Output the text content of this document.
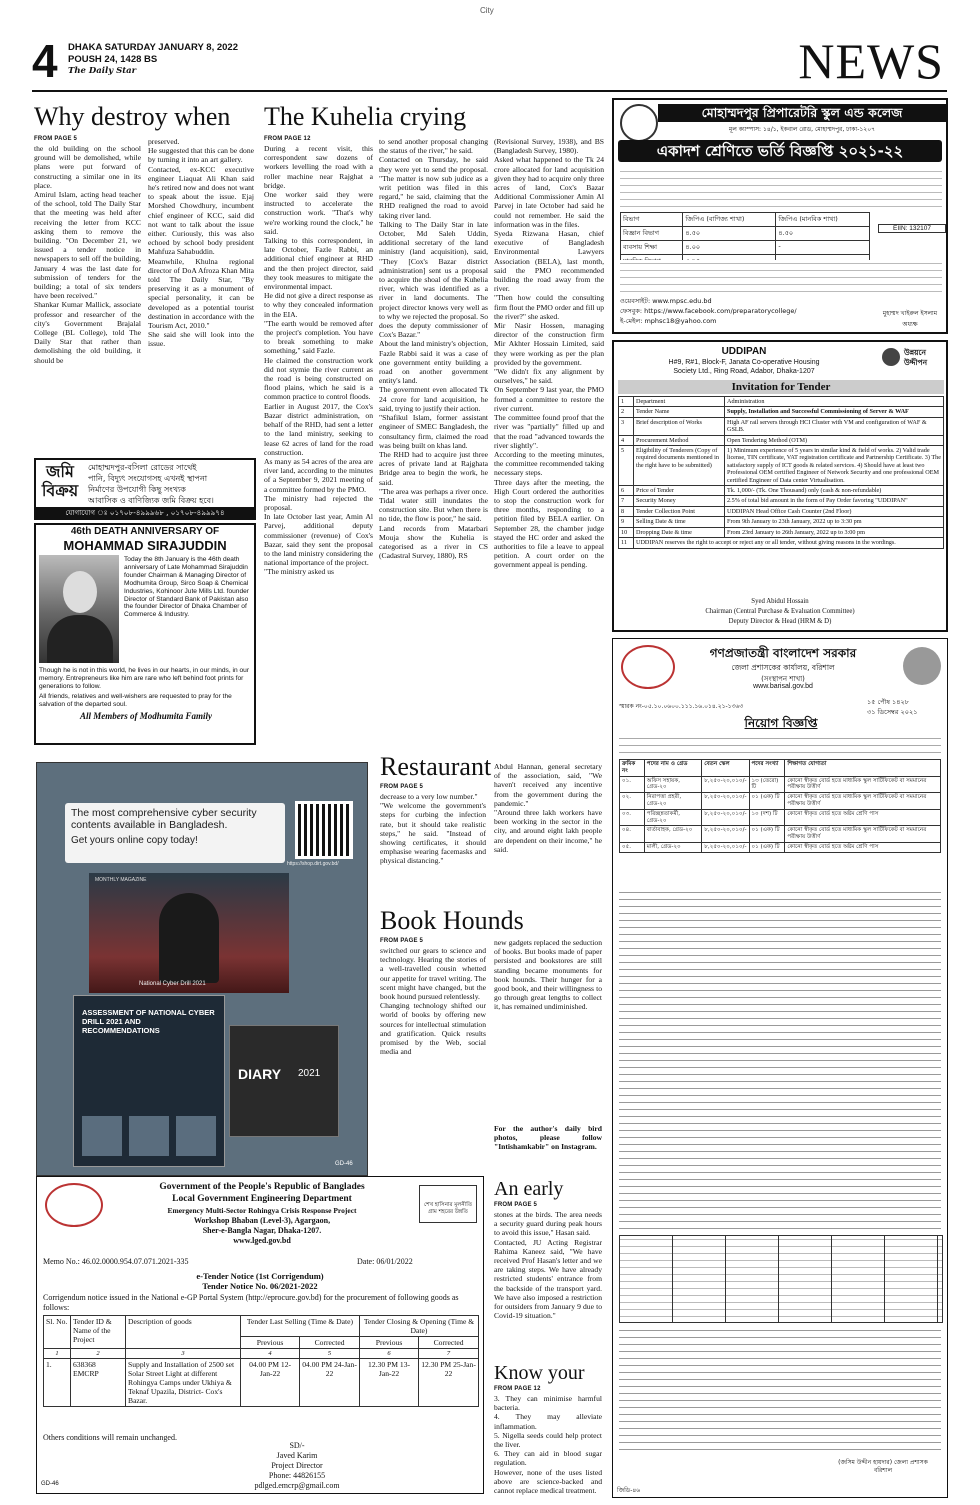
City
4 DHAKA SATURDAY JANUARY 8, 2022
POUSH 24, 1428 BS
The Daily Star	NEWS
Why destroy when
FROM PAGE 5

the old building on the school ground will be demolished, while plans were put forward of constructing a similar one in its place.
Amirul Islam, acting head teacher of the school, told The Daily Star that the meeting was held after receiving the letter from KCC asking them to remove the building. "On December 21, we issued a tender notice in newspapers to sell off the building, January 4 was the last date for submission of tenders for the building; a total of six tenders have been received."
Shankar Kumar Mallick, associate professor and researcher of the city's Government Brajalal College (BL College), told The Daily Star that rather than demolishing the old building, it should be

preserved.
He suggested that this can be done by turning it into an art gallery.
Contacted, ex-KCC executive engineer Liaquat Ali Khan said he's retired now and does not want to speak about the issue. Ejaj Morshed Chowdhury, incumbent chief engineer of KCC, said did not want to talk about the issue either. Curiously, this was also echoed by school body president Mahfuza Sahabuddin.
Meanwhile, Khulna regional director of DoA Afroza Khan Mita told The Daily Star, "By preserving it as a monument of special personality, it can be developed as a potential tourist destination in accordance with the Tourism Act, 2010."
She said she will look into the issue.

The Kuhelia crying
FROM PAGE 12

During a recent visit, this correspondent saw dozens of workers levelling the road with a roller machine near Rajghat a bridge.
One worker said they were instructed to accelerate the construction work. "That's why we're working round the clock," he said.
Talking to this correspondent, in late October, Fazle Rabbi, an additional chief engineer at RHD and the then project director, said they took measures to mitigate the environmental impact.
He did not give a direct response as to why they concealed information in the EIA.
"The earth would be removed after the project's completion. You have to break something to make something," said Fazle.
He claimed the construction work did not stymie the river current as the road is being constructed on flood plains, which he said is a common practice to control floods.
Earlier in August 2017, the Cox's Bazar district administration, on behalf of the RHD, had sent a letter to the land ministry, seeking to lease 62 acres of land for the road construction.
As many as 54 acres of the area are river land, according to the minutes of a September 9, 2021 meeting of a committee formed by the PMO.
The ministry had rejected the proposal.
In late October last year, Amin Al Parvej, additional deputy commissioner (revenue) of Cox's Bazar, said they sent the proposal to the land ministry considering the national importance of the project.
"The ministry asked us

to send another proposal changing the status of the river," he said.
Contacted on Thursday, he said they were yet to send the proposal. "The matter is now sub judice as a writ petition was filed in this regard," he said, claiming that the RHD realigned the road to avoid taking river land.
Talking to The Daily Star in late October, Md Saleh Uddin, additional secretary of the land ministry (land acquisition), said, "They [Cox's Bazar district administration] sent us a proposal to acquire the shoal of the Kuhelia river, which was identified as a river in land documents. The project director knows very well as to why we rejected the proposal. So does the deputy commissioner of Cox's Bazar."
About the land ministry's objection, Fazle Rabbi said it was a case of one government entity building a road on another government entity's land.
The government even allocated Tk 24 crore for land acquisition, he said, trying to justify their action.
"Shafikul Islam, former assistant engineer of SMEC Bangladesh, the consultancy firm, claimed the road was being built on khas land.
The RHD had to acquire just three acres of private land at Rajghata Bridge area to begin the work, he said.
"The area was perhaps a river once. Tidal water still inundates the construction site. But when there is no tide, the flow is poor," he said.
Land records from Matarbari Mouja show the Kuhelia is categorised as a river in CS (Cadastral Survey, 1880), RS

(Revisional Survey, 1938), and BS (Bangladesh Survey, 1980).
Asked what happened to the Tk 24 crore allocated for land acquisition given they had to acquire only three acres of land, Cox's Bazar Additional Commissioner Amin Al Parvej in late October had said he could not remember. He said the information was in the files.
Syeda Rizwana Hasan, chief executive of Bangladesh Environmental Lawyers Association (BELA), last month, said the PMO recommended building the road away from the river.
"Then how could the consulting firm flout the PMO order and fill up the river?" she asked.
Mir Nasir Hossen, managing director of the construction firm Mir Akhter Hossain Limited, said they were working as per the plan provided by the government.
"We didn't fix any alignment by ourselves," he said.
On September 9 last year, the PMO formed a committee to restore the river current.
The committee found proof that the river was "partially" filled up and that the road "advanced towards the river slightly".
According to the meeting minutes, the committee recommended taking necessary steps.
Three days after the meeting, the High Court ordered the authorities to stop the construction work for three months, responding to a petition filed by BELA earlier. On September 28, the chamber judge stayed the HC order and asked the authorities to file a leave to appeal petition. A court order on the government appeal is pending.

জমি বিক্রয়
মোহাম্মদপুর-বসিলা রোডের সাথেই
পানি, বিদ্যুৎ সংযোগসহ এখনই স্থাপনা
নির্মাণের উপযোগী কিছু সংখ্যক
আবাসিক ও বাণিজ্যিক জমি বিক্রয় হবে।
যোগাযোগ ঃ ০১৭০৮-৪৯৯৯৬৮ , ০১৭০৮-৪৯৯৯৭৪
46th DEATH ANNIVERSARY OF
MOHAMMAD SIRAJUDDIN
Today the 8th January is the 46th death anniversary of Late Mohammad Sirajuddin founder Chairman & Managing Director of Modhumita Group, Sirco Soap & Chemical Industries, Kohinoor Jute Mills Ltd. founder Director of Standard Bank of Pakistan also the founder Director of Dhaka Chamber of Commerce & Industry.
Though he is not in this world, he lives in our hearts, in our minds, in our memory. Entrepreneurs like him are rare who left behind foot prints for generations to follow.
All friends, relatives and well-wishers are requested to pray for the salvation of the departed soul.
All Members of Modhumita Family
The most comprehensive cyber security contents available in Bangladesh.
Get yours online copy today!
https://shop.dirt.gov.bd/
MONTHLY MAGAZINE
National Cyber Drill 2021
ASSESSMENT OF NATIONAL CYBER DRILL 2021 AND RECOMMENDATIONS
DIARY 2021
GD-46
Government of the People's Republic of Banglades
Local Government Engineering Department
Emergency Multi-Sector Rohingya Crisis Response Project
Workshop Bhaban (Level-3), Agargaon,
Sher-e-Bangla Nagar, Dhaka-1207.
www.lged.gov.bd
শেখ হাসিনার মূলনীতি গ্রাম শহরের উন্নতি
Memo No.: 46.02.0000.954.07.071.2021-335	Date: 06/01/2022
e-Tender Notice (1st Corrigendum)
Tender Notice No. 06/2021-2022
Corrigendum notice issued in the National e-GP Portal System (http://eprocure.gov.bd) for the procurement of following goods as follows:
Sl. No.	Tender ID & Name of the Project	Description of goods	Tender Last Selling (Time & Date)		Tender Closing & Opening (Time & Date)	
			Previous	Corrected	Previous	Corrected
1	2	3	4	5	6	7
1.	638368 EMCRP	Supply and Installation of 2500 set Solar Street Light at different Rohingya Camps under Ukhiya & Teknaf Upazila, District- Cox's Bazar.	04.00 PM 12-Jan-22	04.00 PM 24-Jan-22	12.30 PM 13-Jan-22	12.30 PM 25-Jan-22
Others conditions will remain unchanged.
SD/-
Javed Karim
Project Director
Phone: 44826155
pdlged.emcrp@gmail.com
GD-46
Restaurant
FROM PAGE 5

decrease to a very low number."
"We welcome the government's steps for curbing the infection rate, but it should take realistic steps," he said. "Instead of showing certificates, it should emphasise wearing facemasks and physical distancing."

Abdul Hannan, general secretary of the association, said, "We haven't received any incentive from the government during the pandemic."
"Around three lakh workers have been working in the sector in the city, and around eight lakh people are dependent on their income," he said.

Book Hounds
FROM PAGE 5

switched our gears to science and technology. Hearing the stories of a well-travelled cousin whetted our appetite for travel writing. The scent might have changed, but the book hound pursued relentlessly.
Changing technology shifted our world of books by offering new sources for intellectual stimulation and gratification. Quick results promised by the Web, social media and

new gadgets replaced the seduction of books. But books made of paper persisted and bookstores are still standing became monuments for book hounds. Their hunger for a good book, and their willingness to go through great lengths to collect it, has remained undiminished.

For the author's daily bird photos, please follow "Intishamkabir" on Instagram.

An early
FROM PAGE 5

stones at the birds. The area needs a security guard during peak hours to avoid this issue," Hasan said.
Contacted, JU Acting Registrar Rahima Kaneez said, "We have received Prof Hasan's letter and we are taking steps. We have already restricted students' entrance from the backside of the transport yard. We have also imposed a restriction for outsiders from January 9 due to Covid-19 situation."

Know your
FROM PAGE 12

3. They can minimise harmful bacteria.
4. They may alleviate inflammation.
5. Nigella seeds could help protect the liver.
6. They can aid in blood sugar regulation.
However, none of the uses listed above are science-backed and cannot replace medical treatment.

মোহাম্মদপুর প্রিপারেটরি স্কুল এন্ড কলেজ
মূল ক্যাম্পাস: ১৪/১, ইকবাল রোড, মোহাম্মদপুর, ঢাকা-১২০৭
একাদশ শ্রেণিতে ভর্তি বিজ্ঞপ্তি ২০২১-২২
বিভাগ	জিপিএ (বাণিজ্য শাখা)	জিপিএ (মানবিক শাখা)
বিজ্ঞান বিভাগ	৪.৫০	৪.৫০
ব্যবসায় শিক্ষা	৪.০০	-

EIIN: 132107
ওয়েবসাইট: www.mpsc.edu.bd
ফেসবুক: https://www.facebook.com/preparatorycollege/
ই-মেইল: mphsc18@yahoo.com
মুহাম্মদ খাইরুল ইসলাম অধ্যক্ষ
UDDIPAN
H#9, R#1, Block-F, Janata Co-operative Housing
Society Ltd., Ring Road, Adabor, Dhaka-1207
উন্নয়নে উদ্দীপন
Invitation for Tender
1	Department	Administration
2	Tender Name	Supply, Installation and Successful Commissioning of Server & WAF
3	Brief description of Works	High AF rail servers through HCI Cluster with VM and configuration of WAF & GSLB.
4	Procurement Method	Open Tendering Method (OTM)
5	Eligibility of Tenderers (Copy of required documents mentioned in the right have to be submitted)	1) Minimum experience of 5 years in similar kind & field of works. 2) Valid trade license, TIN certificate, VAT registration certificate and Partnership Certificate. 3) The satisfactory supply of ICT goods & related services. 4) Should have at least two Professional OEM certified Engineer of Network Security and one professional OEM certified Engineer of Data center Virtualisation.
6	Price of Tender	Tk. 1,000/- (Tk. One Thousand) only (cash & non-refundable)
7	Security Money	2.5% of total bid amount in the form of Pay Order favoring "UDDIPAN"
8	Tender Collection Point	UDDIPAN Head Office Cash Counter (2nd Floor)
9	Selling Date & time	From 9th January to 23th January, 2022 up to 3:30 pm
10	Dropping Date & time	From 23rd January to 26th January, 2022 up to 3:00 pm
11	UDDIPAN reserves the right to accept or reject any or all tender, without giving reasons in the wordings.	
Syed Abidul Hossain
Chairman (Central Purchase & Evaluation Committee)
Deputy Director & Head (HRM & D)
গণপ্রজাতন্ত্রী বাংলাদেশ সরকার
জেলা প্রশাসকের কার্যালয়, বরিশাল
(সংস্থাপন শাখা)
www.barisal.gov.bd
স্মারক নং-০৫.১০.০৬০০.১১১.১৬.০১৪.২১-১৩৬৩
১৫ পৌষ ১৪২৮
৩১ ডিসেম্বর ২০২১
নিয়োগ বিজ্ঞপ্তি
ক্রমিক নং	পদের নাম ও গ্রেড	বেতন স্কেল	পদের সংখ্যা	শিক্ষাগত যোগ্যতা
০১.	অফিস সহায়ক, গ্রেড-২০	৮,২৫০-২০,০১০/-	১৩ (তেরো) টি	কোনো স্বীকৃত বোর্ড হতে মাধ্যমিক স্কুল সার্টিফিকেট বা সমমানের পরীক্ষায় উত্তীর্ণ
০২.	নিরাপত্তা প্রহরী, গ্রেড-২০	৮,২৫০-২০,০১০/-	০১ (এক) টি	কোনো স্বীকৃত বোর্ড হতে মাধ্যমিক স্কুল সার্টিফিকেট বা সমমানের পরীক্ষায় উত্তীর্ণ
০৩.	পরিচ্ছন্নতাকর্মী, গ্রেড-২০	৮,২৫০-২০,০১০/-	১০ (দশ) টি	কোনো স্বীকৃত বোর্ড হতে অষ্টম শ্রেণি পাস
০৪.	বার্তাবাহক, গ্রেড-২০	৮,২৫০-২০,০১০/-	০১ (এক) টি	কোনো স্বীকৃত বোর্ড হতে মাধ্যমিক স্কুল সার্টিফিকেট বা সমমানের পরীক্ষায় উত্তীর্ণ
০৫.	মালী, গ্রেড-২০	৮,২৫০-২০,০১০/-	০১ (এক) টি	কোনো স্বীকৃত বোর্ড হতে অষ্টম শ্রেণি পাস
(জসিম উদ্দীন হায়দার) জেলা প্রশাসক বরিশাল
জিডি-৪৬
